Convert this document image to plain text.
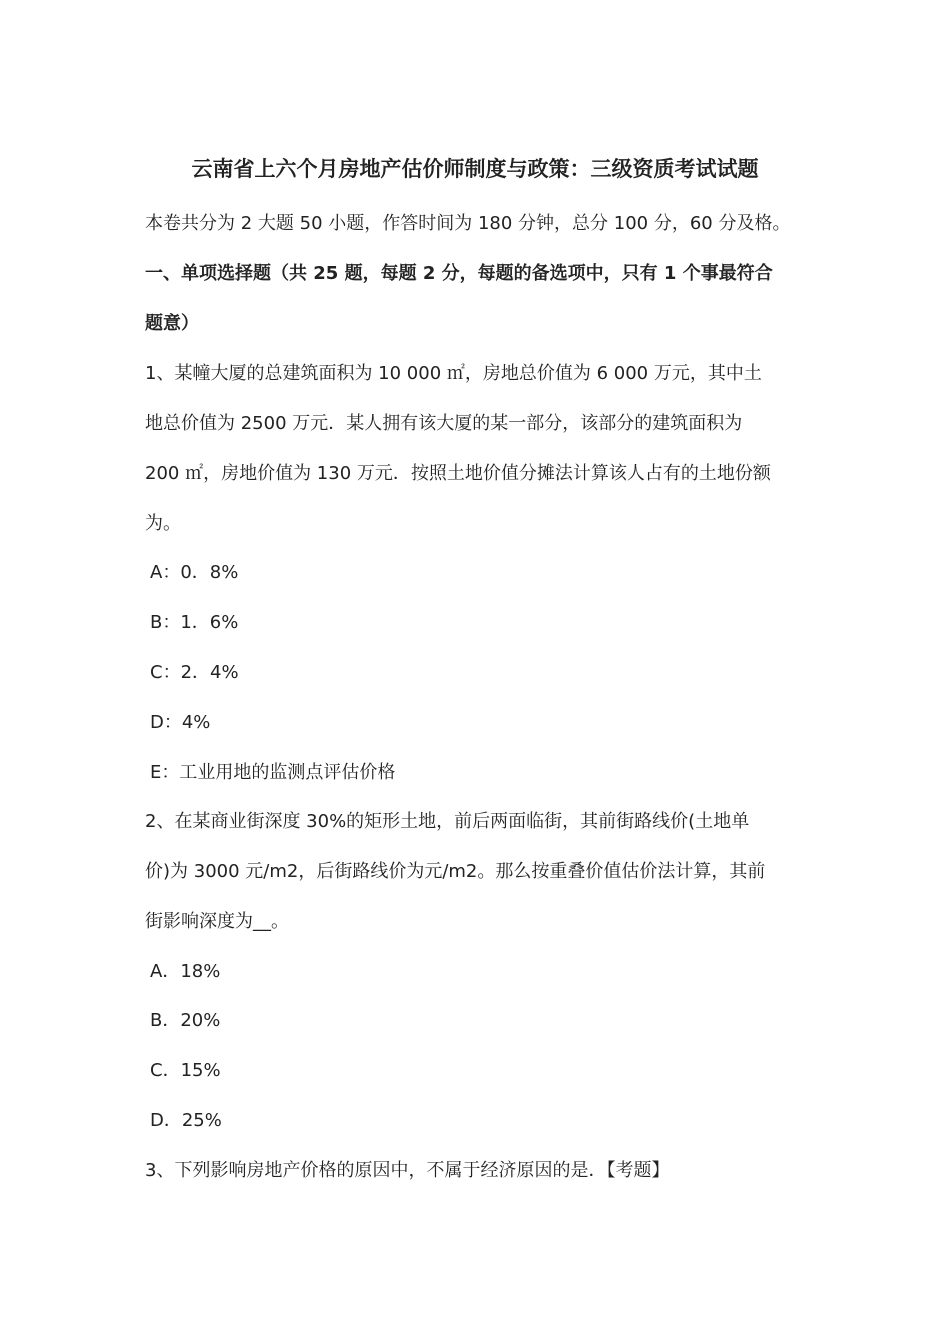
云南省上六个月房地产估价师制度与政策：三级资质考试试题

本卷共分为 2 大题 50 小题，作答时间为 180 分钟，总分 100 分，60 分及格。

一、单项选择题（共 25 题，每题 2 分，每题的备选项中，只有 1 个事最符合

题意）

1、某幢大厦的总建筑面积为 10 000 ㎡，房地总价值为 6 000 万元，其中土

地总价值为 2500 万元．某人拥有该大厦的某一部分，该部分的建筑面积为

200 ㎡，房地价值为 130 万元．按照土地价值分摊法计算该人占有的土地份额

为。

A：0．8%

B：1．6%

C：2．4%

D：4%

E：工业用地的监测点评估价格

2、在某商业街深度 30%的矩形土地，前后两面临街，其前街路线价(土地单

价)为 3000 元/m2，后街路线价为元/m2。那么按重叠价值估价法计算，其前

街影响深度为__。

A．18%

B．20%

C．15%

D．25%

3、下列影响房地产价格的原因中，不属于经济原因的是．【考题】
